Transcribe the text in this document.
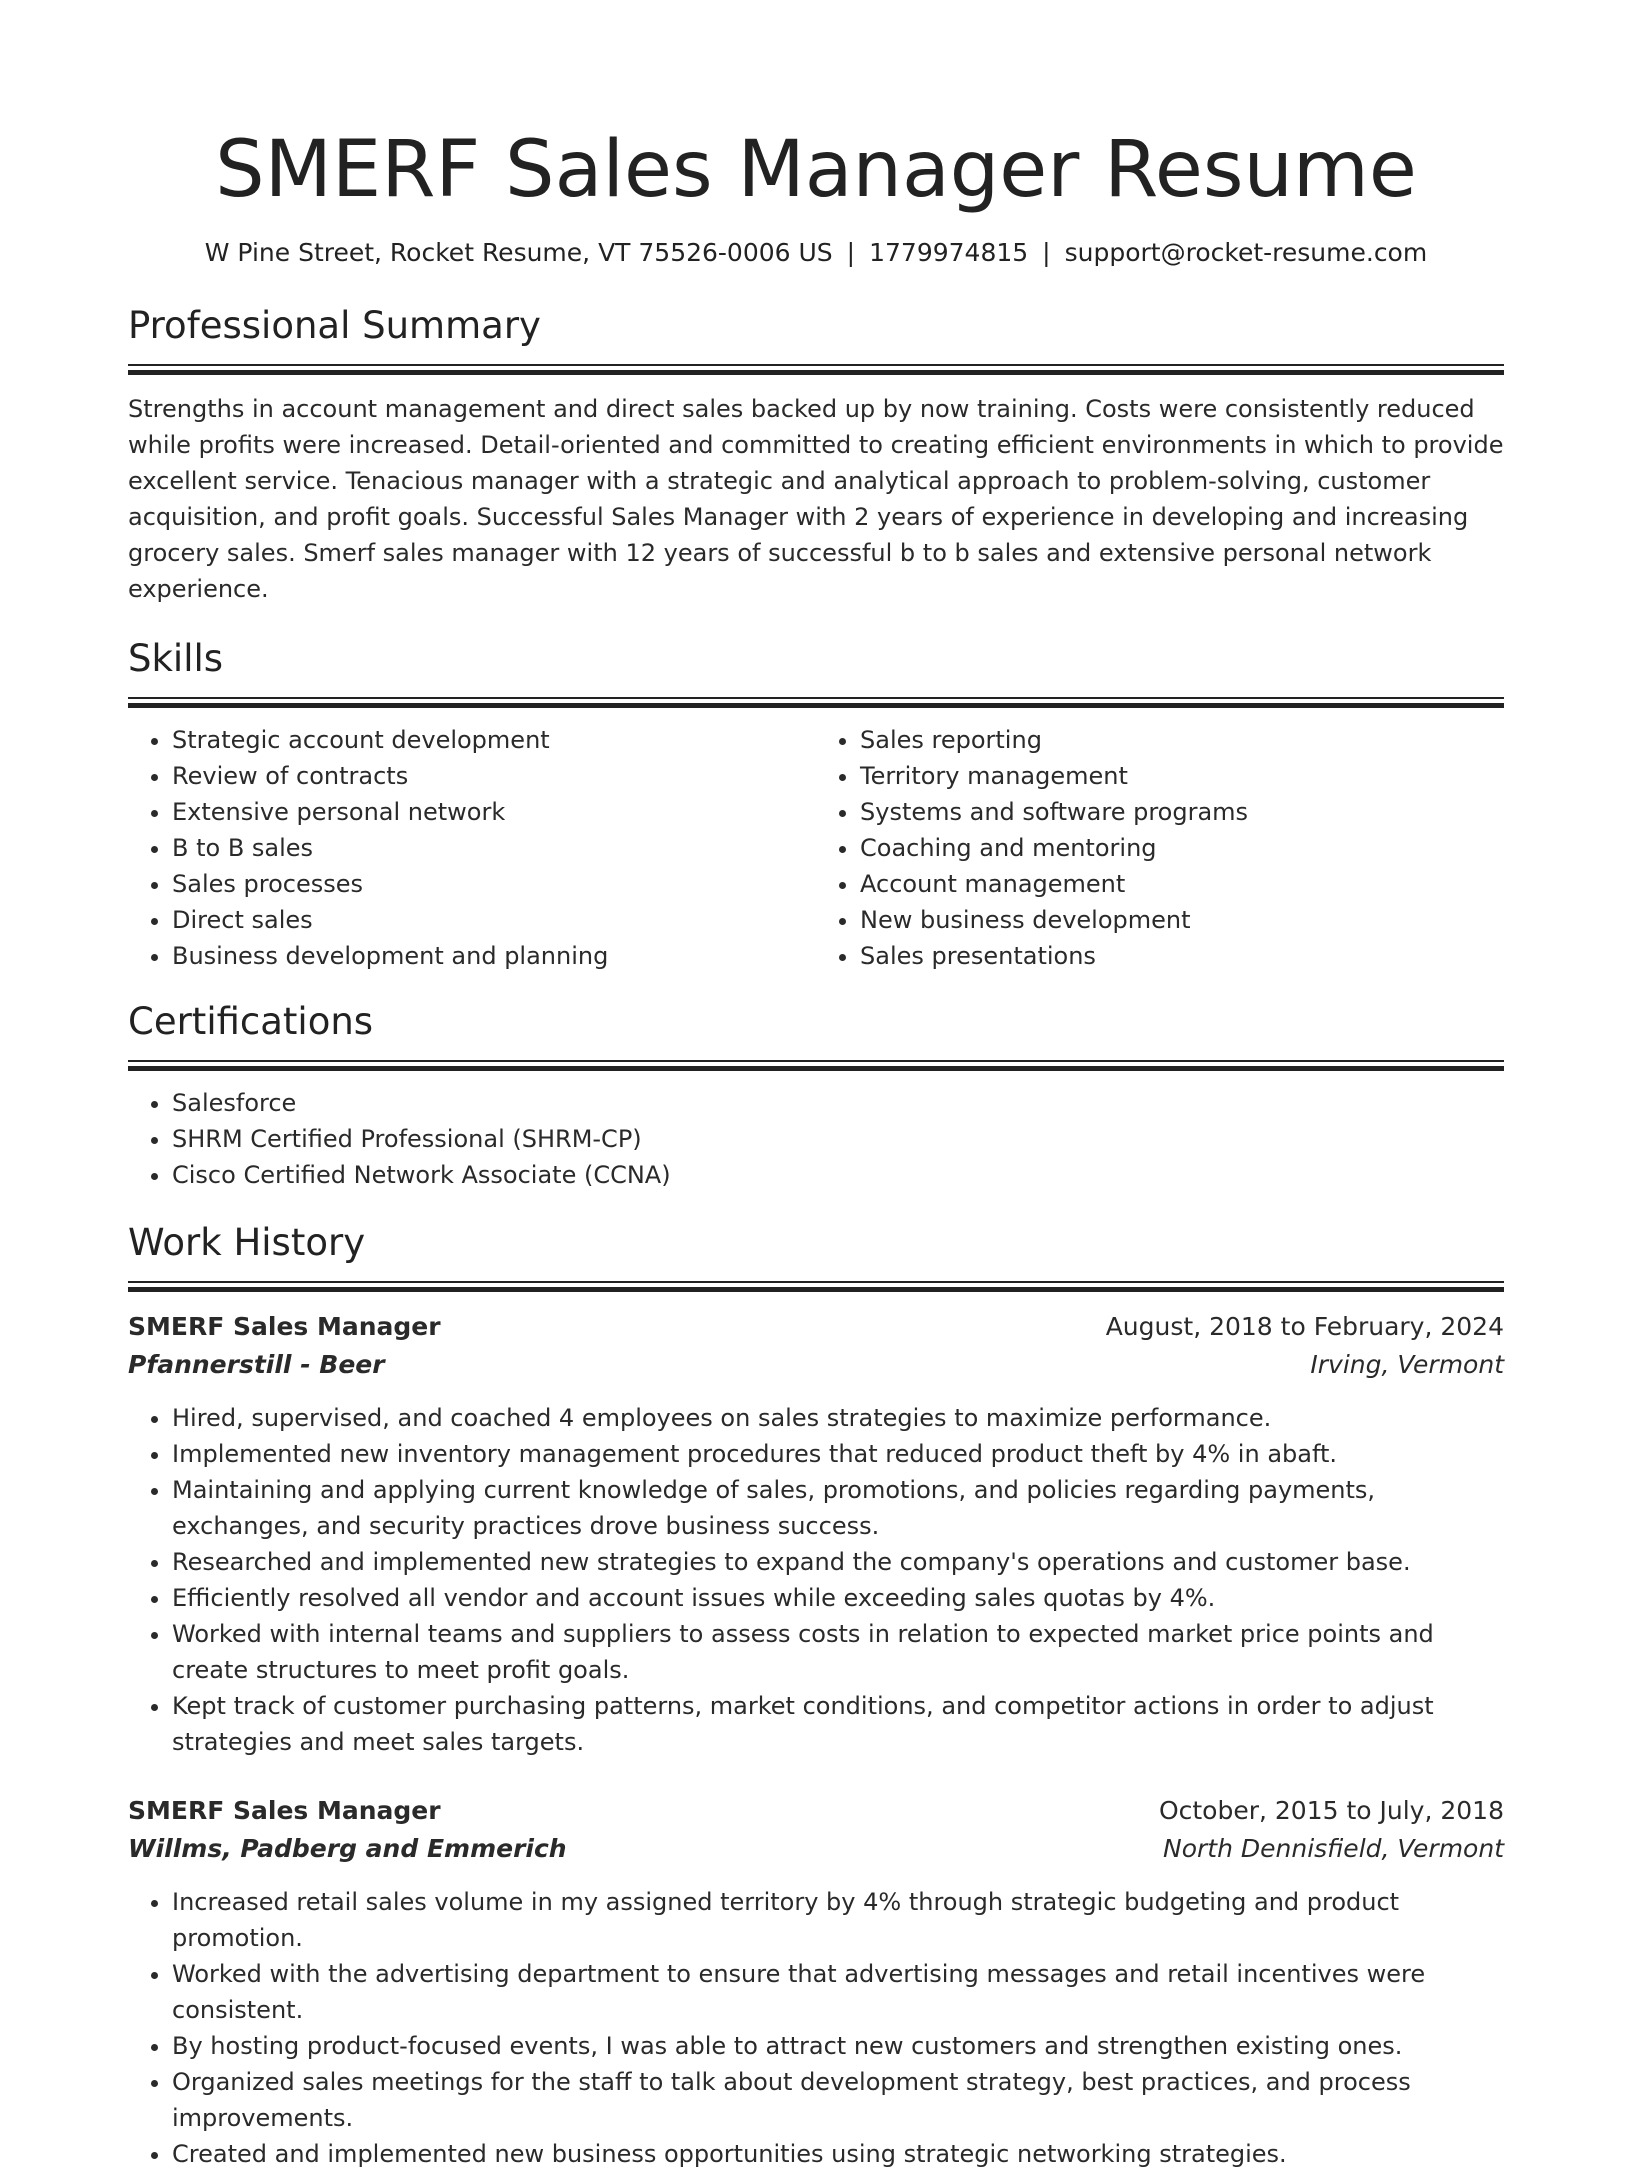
SMERF Sales Manager Resume
W Pine Street, Rocket Resume, VT 75526-0006 US | 1779974815 | support@rocket-resume.com
Professional Summary

Strengths in account management and direct sales backed up by now training. Costs were consistently reduced while profits were increased. Detail-oriented and committed to creating efficient environments in which to provide excellent service. Tenacious manager with a strategic and analytical approach to problem-solving, customer acquisition, and profit goals. Successful Sales Manager with 2 years of experience in developing and increasing grocery sales. Smerf sales manager with 12 years of successful b to b sales and extensive personal network experience.

Skills
• Strategic account development
• Review of contracts
• Extensive personal network
• B to B sales
• Sales processes
• Direct sales
• Business development and planning
• Sales reporting
• Territory management
• Systems and software programs
• Coaching and mentoring
• Account management
• New business development
• Sales presentations
Certifications
• Salesforce
• SHRM Certified Professional (SHRM-CP)
• Cisco Certified Network Associate (CCNA)
Work History
SMERF Sales Manager	August, 2018 to February, 2024
Pfannerstill - Beer	Irving, Vermont
• Hired, supervised, and coached 4 employees on sales strategies to maximize performance.
• Implemented new inventory management procedures that reduced product theft by 4% in abaft.
• Maintaining and applying current knowledge of sales, promotions, and policies regarding payments, exchanges, and security practices drove business success.
• Researched and implemented new strategies to expand the company's operations and customer base.
• Efficiently resolved all vendor and account issues while exceeding sales quotas by 4%.
• Worked with internal teams and suppliers to assess costs in relation to expected market price points and create structures to meet profit goals.
• Kept track of customer purchasing patterns, market conditions, and competitor actions in order to adjust strategies and meet sales targets.
SMERF Sales Manager	October, 2015 to July, 2018
Willms, Padberg and Emmerich	North Dennisfield, Vermont
• Increased retail sales volume in my assigned territory by 4% through strategic budgeting and product promotion.
• Worked with the advertising department to ensure that advertising messages and retail incentives were consistent.
• By hosting product-focused events, I was able to attract new customers and strengthen existing ones.
• Organized sales meetings for the staff to talk about development strategy, best practices, and process improvements.
• Created and implemented new business opportunities using strategic networking strategies.
